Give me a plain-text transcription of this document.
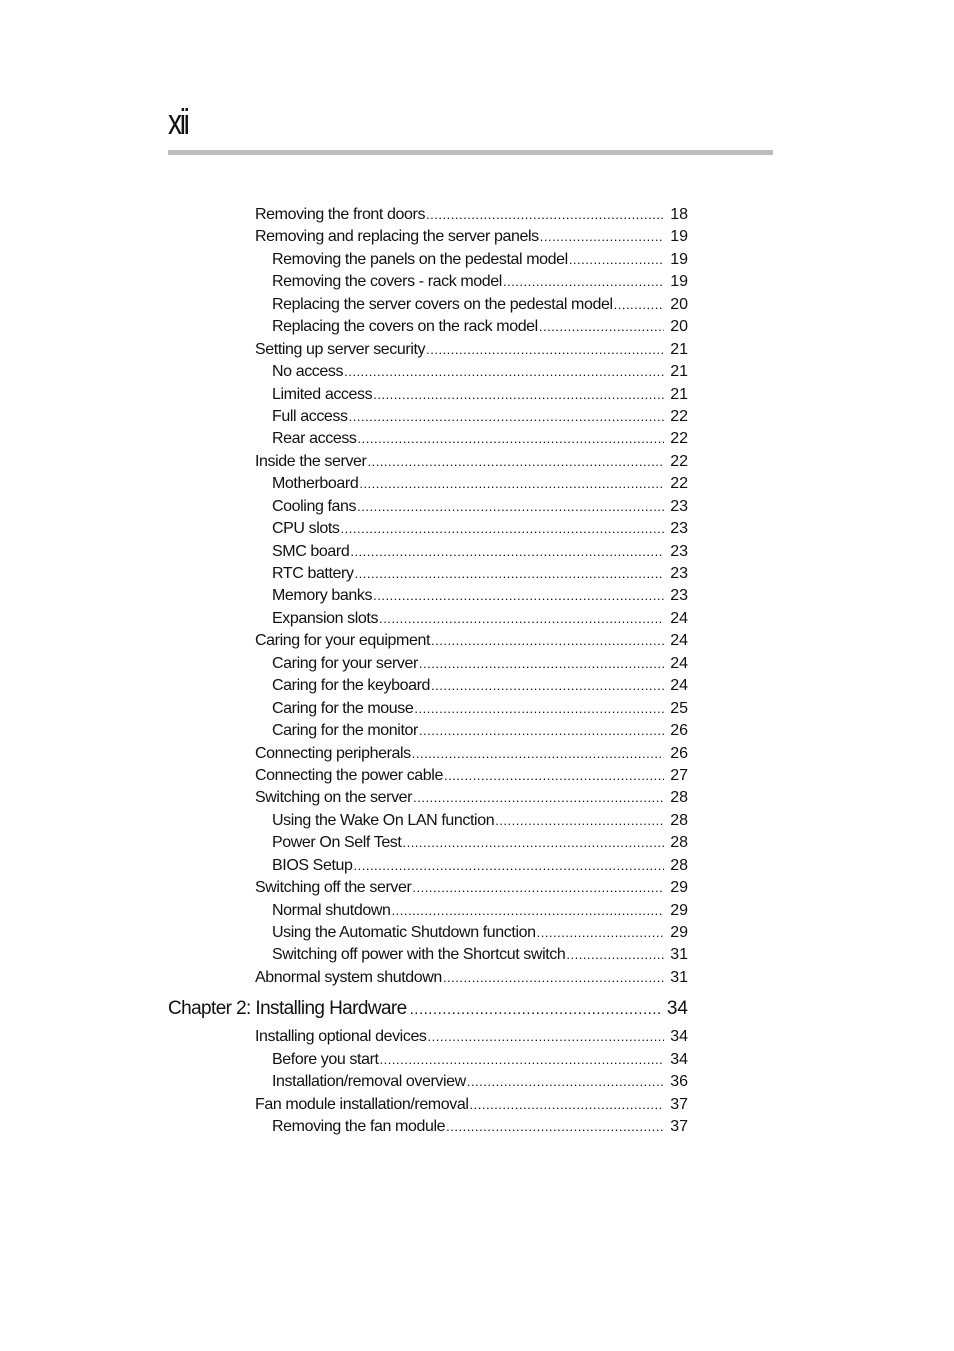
xii
Removing the front doors .....	18
Removing and replacing the server panels .....	19
Removing the panels on the pedestal model .....	19
Removing the covers - rack model .....	19
Replacing the server covers on the pedestal model .....	20
Replacing the covers on the rack model .....	20
Setting up server security .....	21
No access .....	21
Limited access .....	21
Full access .....	22
Rear access .....	22
Inside the server .....	22
Motherboard .....	22
Cooling fans .....	23
CPU slots .....	23
SMC board .....	23
RTC battery .....	23
Memory banks .....	23
Expansion slots .....	24
Caring for your equipment .....	24
Caring for your server .....	24
Caring for the keyboard .....	24
Caring for the mouse .....	25
Caring for the monitor .....	26
Connecting peripherals .....	26
Connecting the power cable .....	27
Switching on the server .....	28
Using the Wake On LAN function .....	28
Power On Self Test .....	28
BIOS Setup .....	28
Switching off the server .....	29
Normal shutdown .....	29
Using the Automatic Shutdown function .....	29
Switching off power with the Shortcut switch .....	31
Abnormal system shutdown .....	31
Chapter 2: Installing Hardware .....	34
Installing optional devices .....	34
Before you start .....	34
Installation/removal overview .....	36
Fan module installation/removal .....	37
Removing the fan module .....	37
